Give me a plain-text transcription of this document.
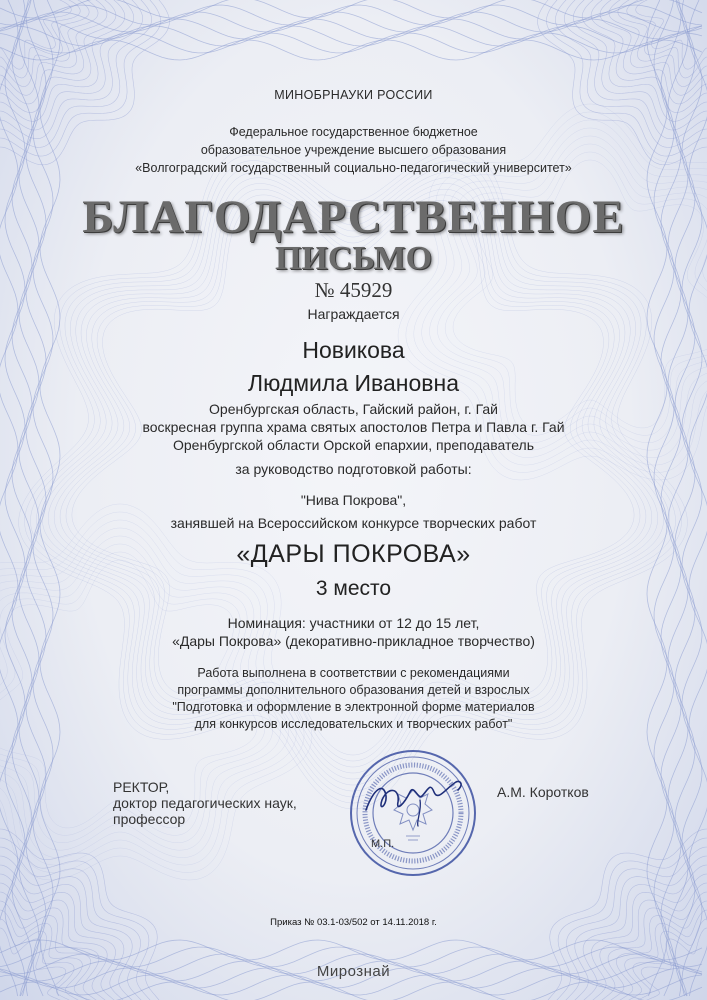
МИНОБРНАУКИ РОССИИ
Федеральное государственное бюджетное
образовательное учреждение высшего образования
«Волгоградский государственный социально-педагогический университет»
БЛАГОДАРСТВЕННОЕ
ПИСЬМО
№ 45929
Награждается
Новикова
Людмила Ивановна
Оренбургская область, Гайский район, г. Гай
воскресная группа храма святых апостолов Петра и Павла г. Гай
Оренбургской области Орской епархии, преподаватель
за руководство подготовкой работы:
"Нива Покрова",
занявшей на Всероссийском конкурсе творческих работ
«ДАРЫ ПОКРОВА»
3 место
Номинация: участники от 12 до 15 лет,
«Дары Покрова» (декоративно-прикладное творчество)
Работа выполнена в соответствии с рекомендациями
программы дополнительного образования детей и взрослых
"Подготовка и оформление в электронной форме материалов
для конкурсов исследовательских и творческих работ"
РЕКТОР,
доктор педагогических наук,
профессор
М.П.
А.М. Коротков
Приказ № 03.1-03/502 от 14.11.2018 г.
Мирознай
